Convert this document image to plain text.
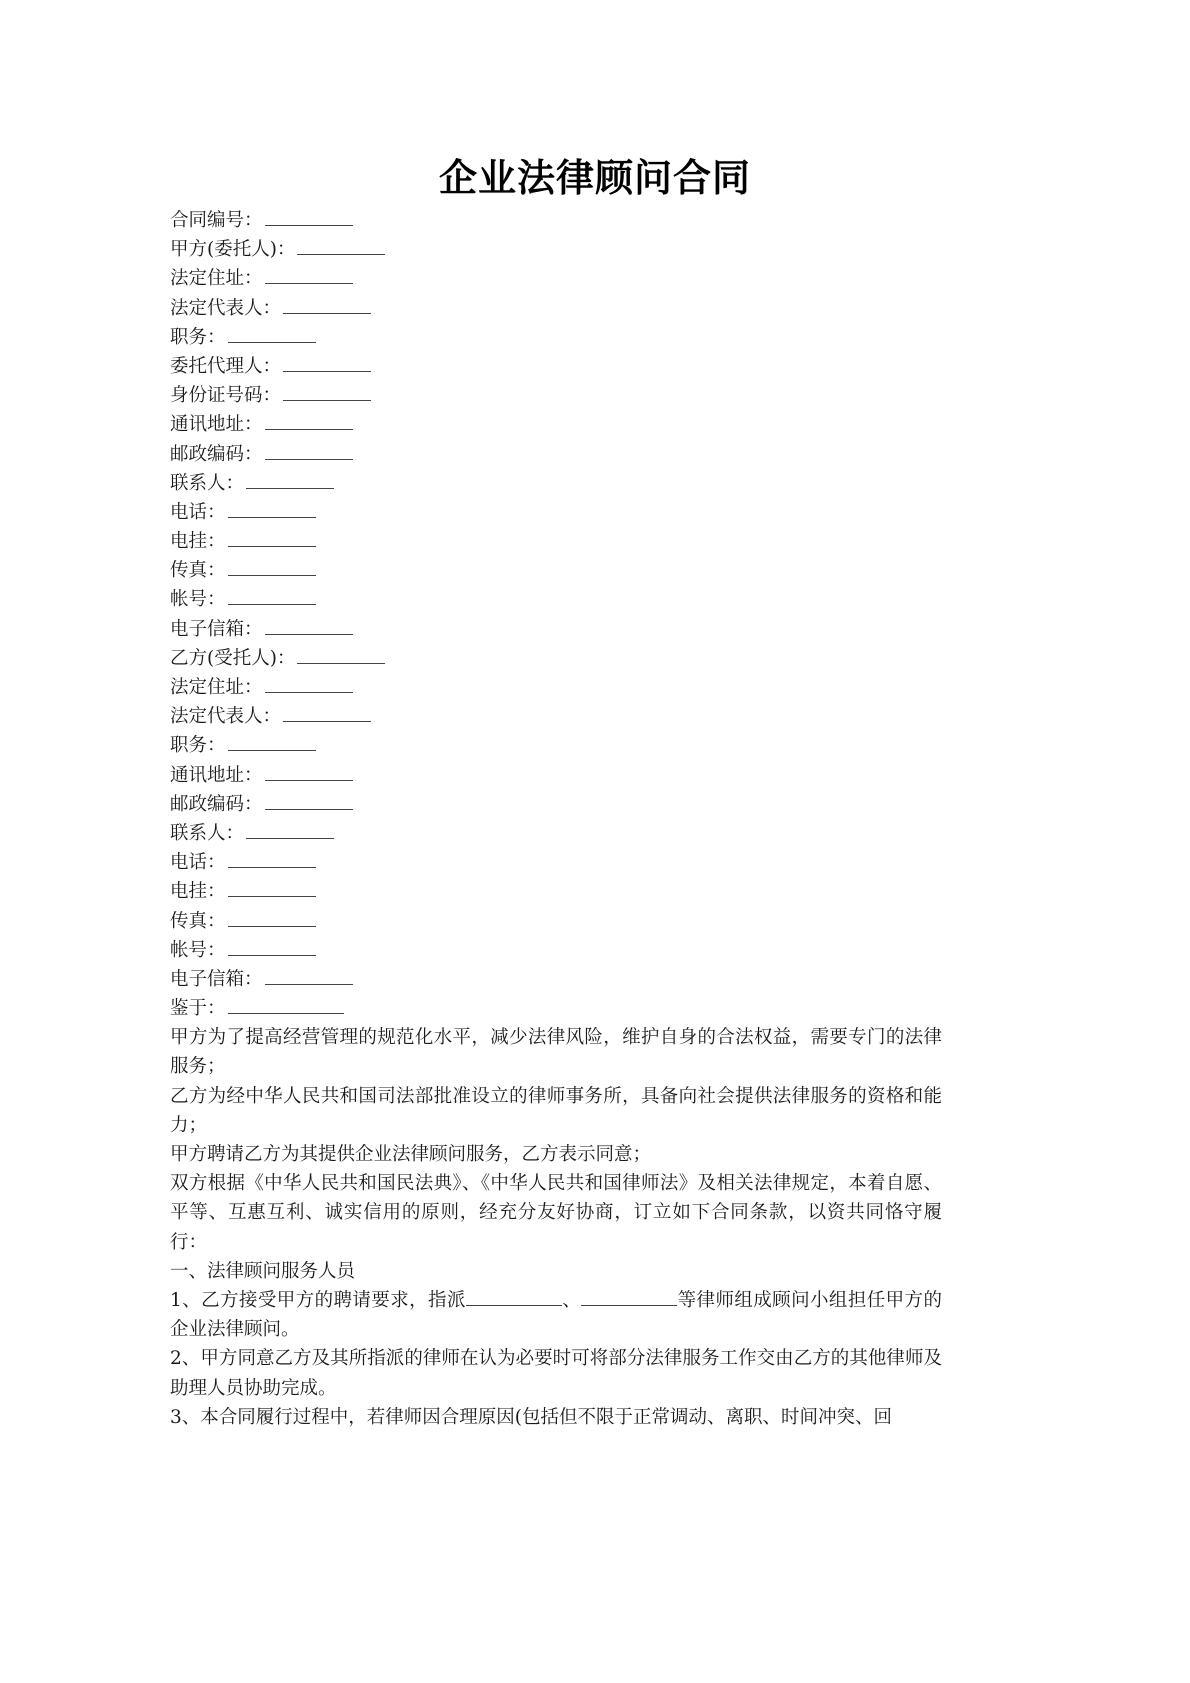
企业法律顾问合同
合同编号：
甲方(委托人)：
法定住址：
法定代表人：
职务：
委托代理人：
身份证号码：
通讯地址：
邮政编码：
联系人：
电话：
电挂：
传真：
帐号：
电子信箱：
乙方(受托人)：
法定住址：
法定代表人：
职务：
通讯地址：
邮政编码：
联系人：
电话：
电挂：
传真：
帐号：
电子信箱：
鉴于：
甲方为了提高经营管理的规范化水平，减少法律风险，维护自身的合法权益，需要专门的法律服务；
乙方为经中华人民共和国司法部批准设立的律师事务所，具备向社会提供法律服务的资格和能力；
甲方聘请乙方为其提供企业法律顾问服务，乙方表示同意；
双方根据《中华人民共和国民法典》、《中华人民共和国律师法》及相关法律规定，本着自愿、平等、互惠互利、诚实信用的原则，经充分友好协商，订立如下合同条款，以资共同恪守履行：
一、法律顾问服务人员
1、乙方接受甲方的聘请要求，指派	、	等律师组成顾问小组担任甲方的企业法律顾问。
2、甲方同意乙方及其所指派的律师在认为必要时可将部分法律服务工作交由乙方的其他律师及助理人员协助完成。
3、本合同履行过程中，若律师因合理原因(包括但不限于正常调动、离职、时间冲突、回
